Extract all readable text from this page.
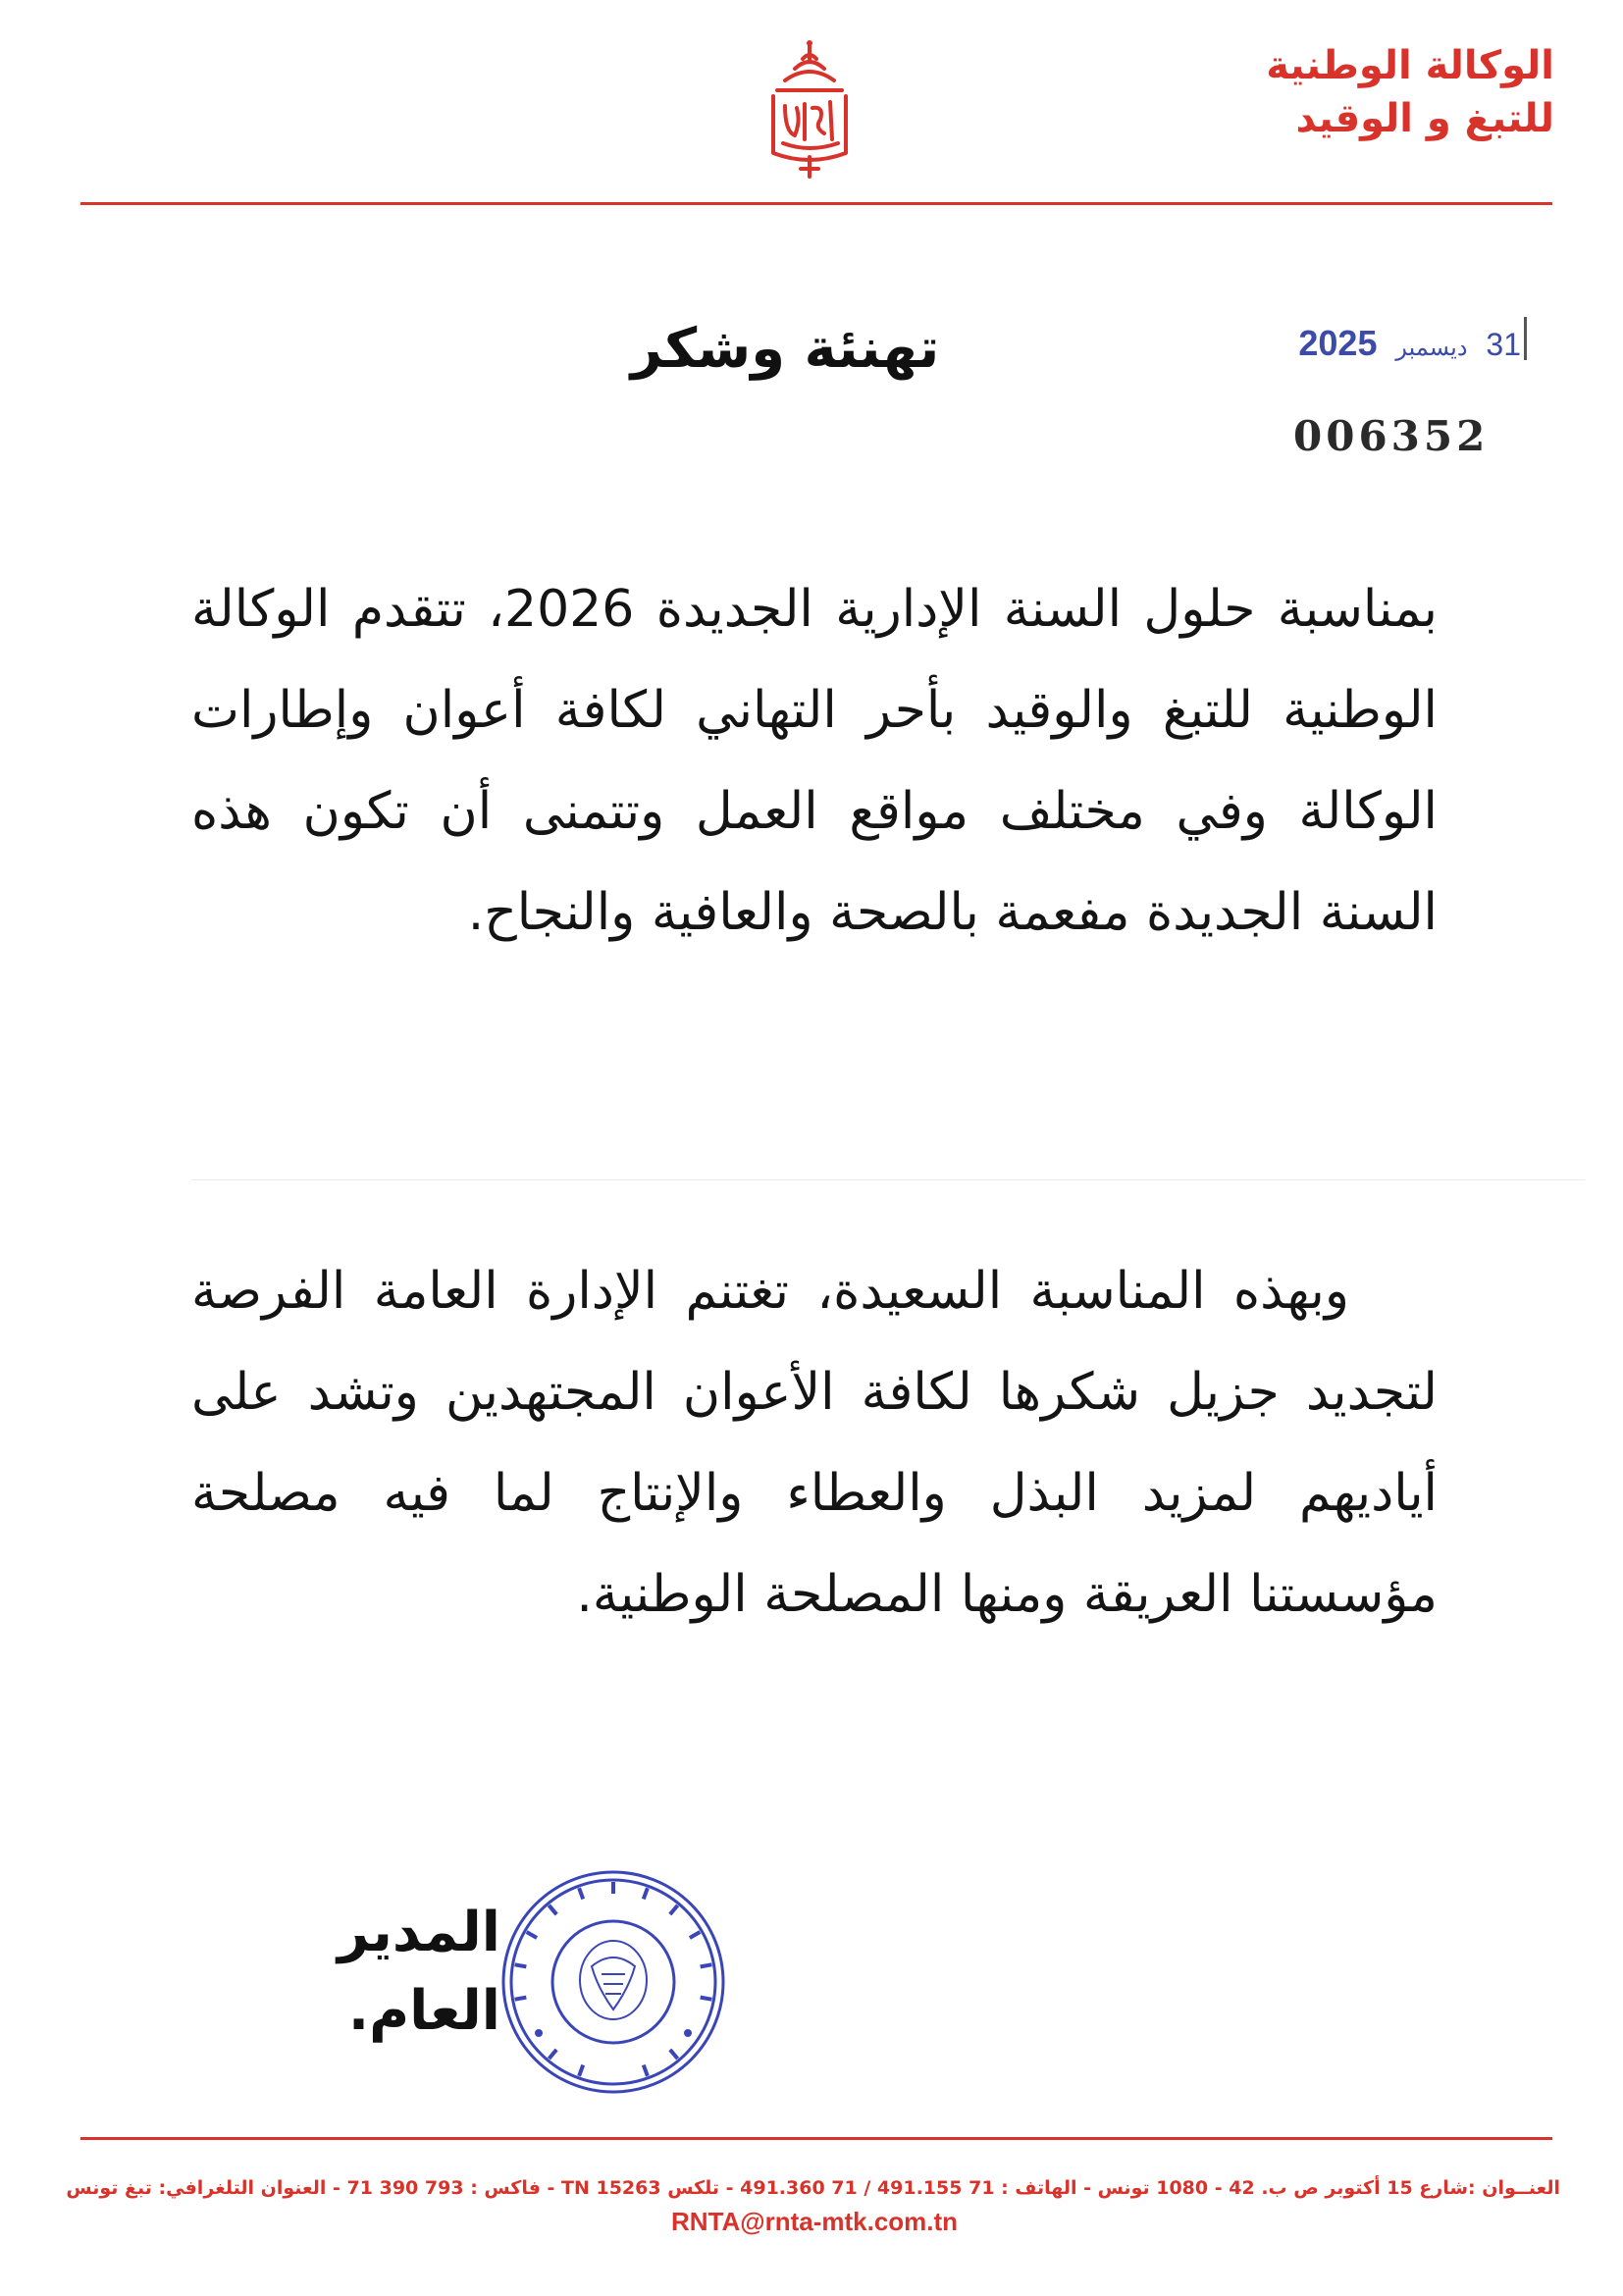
الوكالة الوطنية
للتبغ و الوقيد
تهنئة وشكر	31 ديسمبر 2025
006352
بمناسبة حلول السنة الإدارية الجديدة 2026، تتقدم الوكالة الوطنية للتبغ والوقيد بأحر التهاني لكافة أعوان وإطارات الوكالة وفي مختلف مواقع العمل وتتمنى أن تكون هذه السنة الجديدة مفعمة بالصحة والعافية والنجاح.
وبهذه المناسبة السعيدة، تغتنم الإدارة العامة الفرصة لتجديد جزيل شكرها لكافة الأعوان المجتهدين وتشد على أياديهم لمزيد البذل والعطاء والإنتاج لما فيه مصلحة مؤسستنا العريقة ومنها المصلحة الوطنية.
المدير العام.
العنــوان :شارع 15 أكتوبر ص ب. 42 - 1080 تونس - الهاتف : 71 491.155 / 71 491.360 - تلكس TN 15263 - فاكس : 793 390 71 - العنوان التلغرافي: تبغ تونس
RNTA@rnta-mtk.com.tn
